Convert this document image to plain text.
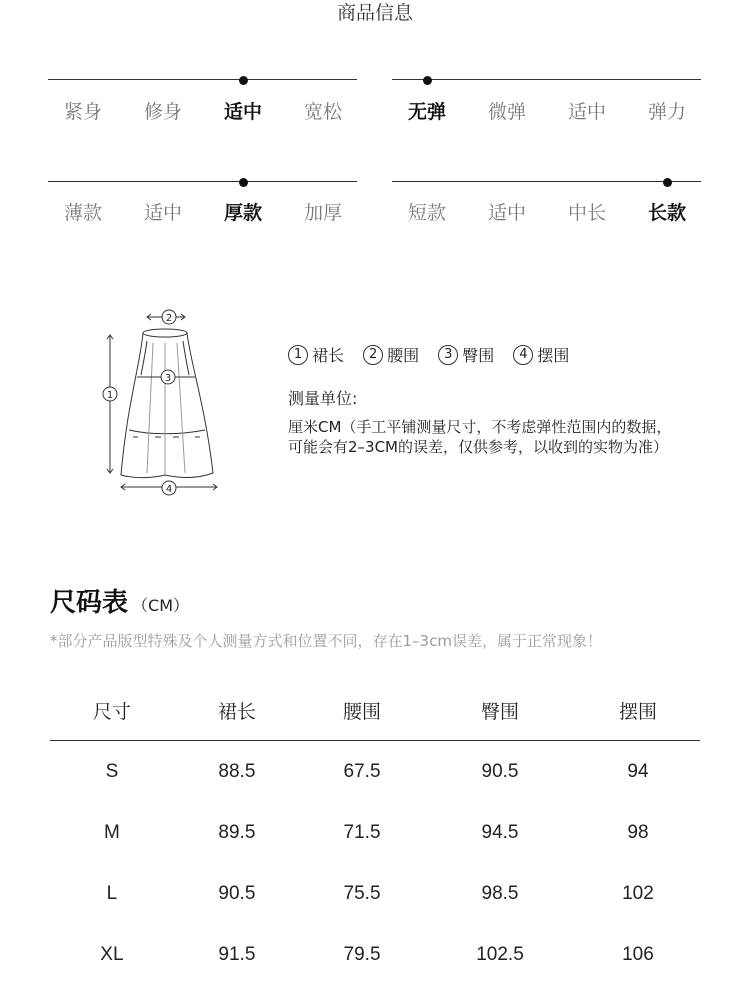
商品信息
紧身	修身	适中	宽松	无弹	微弹	适中	弹力
薄款	适中	厚款	加厚	短款	适中	中长	长款
1
2
3
4
1 裙长 2 腰围 3 臀围 4 摆围
测量单位:
厘米CM（手工平铺测量尺寸，不考虑弹性范围内的数据，
可能会有2–3CM的误差，仅供参考，以收到的实物为准）
尺码表 （CM）
*部分产品版型特殊及个人测量方式和位置不同，存在1–3cm误差，属于正常现象！
尺寸	裙长	腰围	臀围	摆围
S	88.5	67.5	90.5	94
M	89.5	71.5	94.5	98
L	90.5	75.5	98.5	102
XL	91.5	79.5	102.5	106
